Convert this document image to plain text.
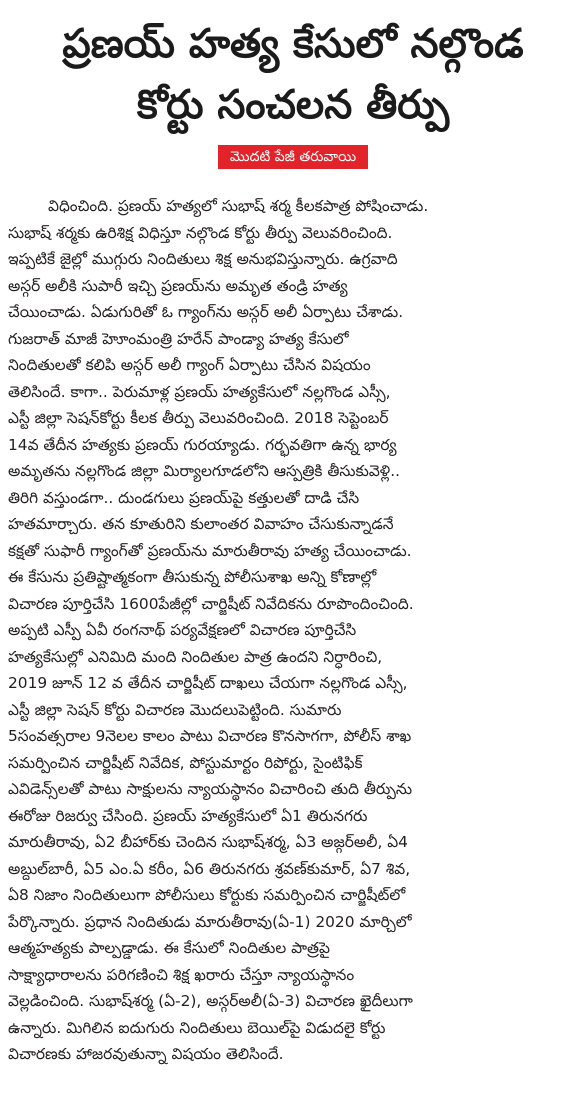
ప్రణయ్ హత్య కేసులో నల్గొండ
కోర్టు సంచలన తీర్పు
మొదటి పేజీ తరువాయి
విధించింది. ప్రణయ్ హత్యలో సుభాష్ శర్మ కీలకపాత్ర పోషించాడు.
సుభాష్ శర్మకు ఉరిశిక్ష విధిస్తూ నల్గొండ కోర్టు తీర్పు వెలువరించింది.
ఇప్పటికే జైల్లో ముగ్గురు నిందితులు శిక్ష అనుభవిస్తున్నారు. ఉగ్రవాది
అస్గర్ అలీకి సుపారీ ఇచ్చి ప్రణయ్‌ను అమృత తండ్రి హత్య
చేయించాడు. ఏడుగురితో ఓ గ్యాంగ్‌ను అస్గర్ అలీ ఏర్పాటు చేశాడు.
గుజరాత్ మాజీ హెూంమంత్రి హరేన్ పాండ్యా హత్య కేసులో
నిందితులతో కలిపి అస్గర్ అలీ గ్యాంగ్ ఏర్పాటు చేసిన విషయం
తెలిసిందే. కాగా.. పెరుమాళ్ల ప్రణయ్ హత్యకేసులో నల్లగొండ ఎస్సీ,
ఎస్టీ జిల్లా సెషన్‌కోర్టు కీలక తీర్పు వెలువరించింది. 2018 సెప్టెంబర్
14వ తేదీన హత్యకు ప్రణయ్ గురయ్యాడు. గర్భవతిగా ఉన్న భార్య
అమృతను నల్లగొండ జిల్లా మిర్యాలగూడలోని ఆస్పత్రికి తీసుకువెళ్లి..
తిరిగి వస్తుండగా.. దుండగులు ప్రణయ్‌పై కత్తులతో దాడి చేసి
హతమార్చారు. తన కూతురిని కులాంతర వివాహం చేసుకున్నాడనే
కక్షతో సుఫారీ గ్యాంగ్‌తో ప్రణయ్‌ను మారుతీరావు హత్య చేయించాడు.
ఈ కేసును ప్రతిష్టాత్మకంగా తీసుకున్న పోలీసుశాఖ అన్ని కోణాల్లో
విచారణ పూర్తిచేసి 1600పేజీల్లో చార్జిషీట్ నివేదికను రూపొందించింది.
అప్పటి ఎస్పీ ఏవీ రంగనాథ్ పర్యవేక్షణలో విచారణ పూర్తిచేసి
హత్యకేసుల్లో ఎనిమిది మంది నిందితుల పాత్ర ఉందని నిర్ధారించి,
2019 జూన్ 12 వ తేదీన చార్జిషీట్ దాఖలు చేయగా నల్లగొండ ఎస్సీ,
ఎస్టీ జిల్లా సెషన్ కోర్టు విచారణ మొదలుపెట్టింది. సుమారు
5సంవత్సరాల 9నెలల కాలం పాటు విచారణ కొనసాగగా, పోలీస్ శాఖ
సమర్పించిన చార్జిషీట్ నివేదిక, పోస్టుమార్టం రిపోర్టు, సైంటిఫిక్
ఎవిడెన్స్‌లతో పాటు సాక్షులను న్యాయస్థానం విచారించి తుది తీర్పును
ఈరోజు రిజర్వు చేసింది. ప్రణయ్ హత్యకేసులో ఏ1 తిరునగరు
మారుతీరావు, ఏ2 బీహార్‌కు చెందిన సుభాష్‌శర్మ, ఏ3 అజ్గర్‌అలీ, ఏ4
అబ్దుల్‌బారీ, ఏ5 ఎం.ఏ కరీం, ఏ6 తిరునగరు శ్రవణ్‌కుమార్, ఏ7 శివ,
ఏ8 నిజాం నిందితులుగా పోలీసులు కోర్టుకు సమర్పించిన చార్జిషీట్‌లో
పేర్కొన్నారు. ప్రధాన నిందితుడు మారుతీరావు(ఏ-1) 2020 మార్చిలో
ఆత్మహత్యకు పాల్పడ్డాడు. ఈ కేసులో నిందితుల పాత్రపై
సాక్ష్యాధారాలను పరిగణించి శిక్ష ఖరారు చేస్తూ న్యాయస్థానం
వెల్లడించింది. సుభాష్‌శర్మ (ఏ-2), అస్గర్‌అలీ(ఏ-3) విచారణ ఖైదీలుగా
ఉన్నారు. మిగిలిన ఐదుగురు నిందితులు బెయిల్‌పై విడుదలై కోర్టు
విచారణకు హాజరవుతున్నా విషయం తెలిసిందే.
